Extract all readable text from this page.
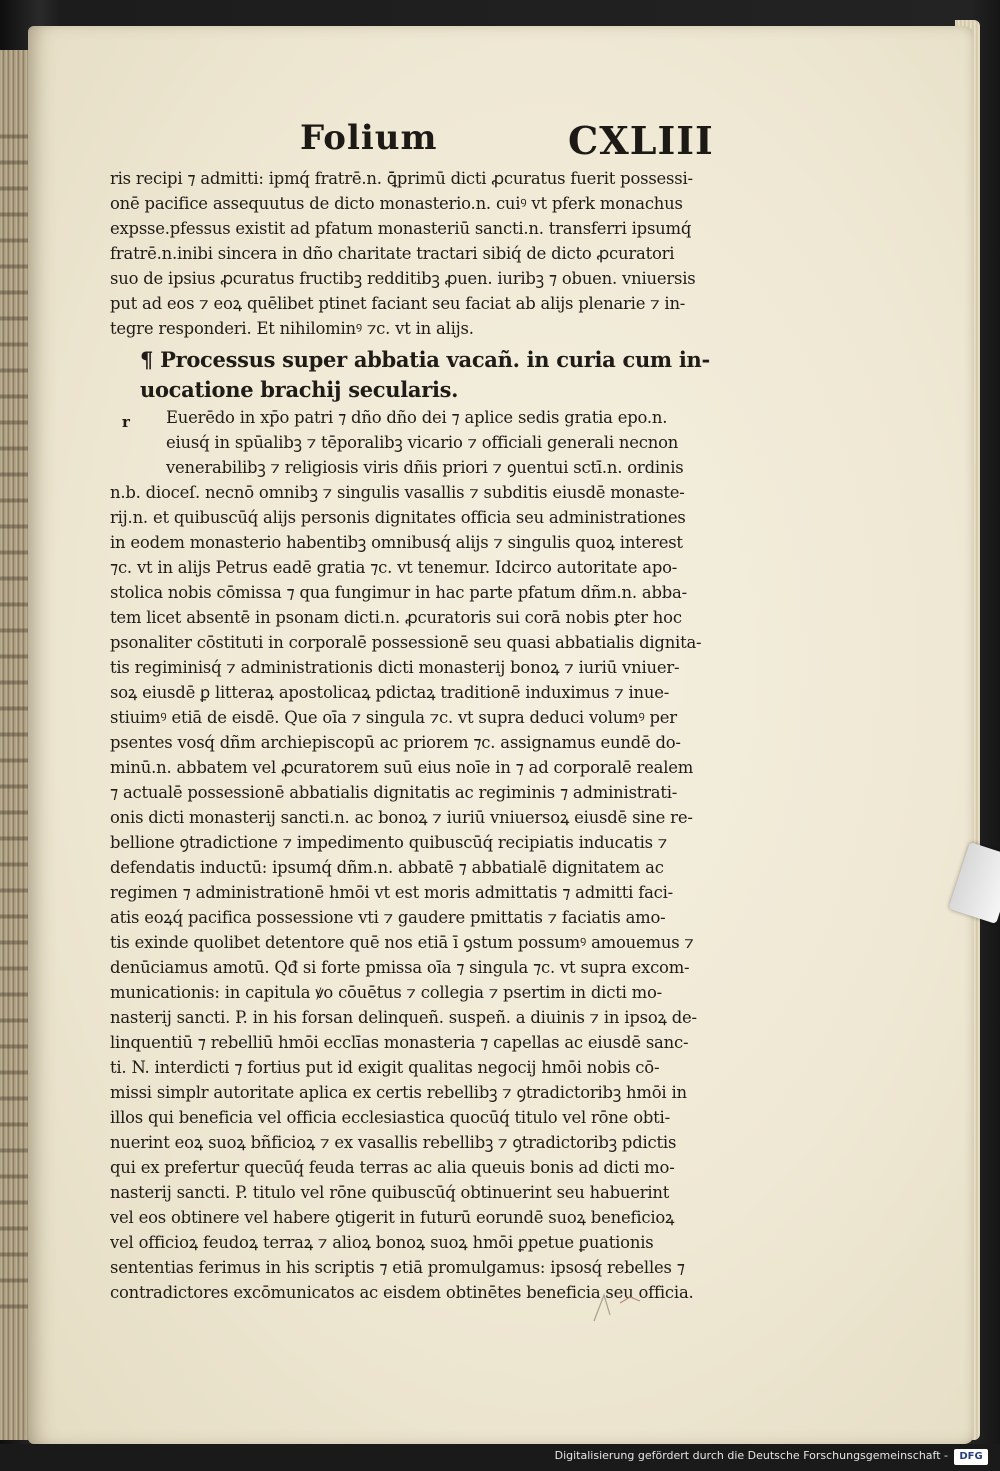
Folium	CXLIII
r
ris recipi ⁊ admitti: ipmq́ fratrē.n. ꝗ̄primū dicti ꝓcuratus fuerit possessi-
onē pacifice assequutus de dicto monasterio.n. cuiꝰ vt pferk monachus
expsse.pfessus existit ad pfatum monasteriū sancti.n. transferri ipsumq́
fratrē.n.inibi sincera in dño charitate tractari sibiq́ de dicto ꝓcuratori
suo de ipsius ꝓcuratus fructibꝫ redditibꝫ ꝓuen. iuribꝫ ⁊ obuen. vniuersis
put ad eos ⁊ eoꝝ quēlibet ptinet faciant seu faciat ab alijs plenarie ⁊ in-
tegre responderi. Et nihilominꝰ ⁊c. vt in alijs.
¶ Processus super abbatia vacañ. in curia cum in-
uocatione brachij secularis.
Euerēdo in xp̄o patri ⁊ dño dño dei ⁊ aplice sedis gratia epo.n.
eiusq́ in spūalibꝫ ⁊ tēporalibꝫ vicario ⁊ officiali generali necnon
venerabilibꝫ ⁊ religiosis viris dñis priori ⁊ ꝯuentui sctī.n. ordinis
n.b. dioceſ. necnō omnibꝫ ⁊ singulis vasallis ⁊ subditis eiusdē monaste-
rij.n. et quibuscūq́ alijs personis dignitates officia seu administrationes
in eodem monasterio habentibꝫ omnibusq́ alijs ⁊ singulis quoꝝ interest
⁊c. vt in alijs Petrus eadē gratia ⁊c. vt tenemur. Idcirco autoritate apo-
stolica nobis cōmissa ⁊ qua fungimur in hac parte pfatum dñm.n. abba-
tem licet absentē in psonam dicti.n. ꝓcuratoris sui corā nobis ꝑter hoc
psonaliter cōstituti in corporalē possessionē seu quasi abbatialis dignita-
tis regiminisq́ ⁊ administrationis dicti monasterij bonoꝝ ⁊ iuriū vniuer-
soꝝ eiusdē ꝑ litteraꝝ apostolicaꝝ pdictaꝝ traditionē induximus ⁊ inue-
stiuimꝰ etiā de eisdē. Que oīa ⁊ singula ⁊c. vt supra deduci volumꝰ per
psentes vosq́ dñm archiepiscopū ac priorem ⁊c. assignamus eundē do-
minū.n. abbatem vel ꝓcuratorem suū eius noīe in ⁊ ad corporalē realem
⁊ actualē possessionē abbatialis dignitatis ac regiminis ⁊ administrati-
onis dicti monasterij sancti.n. ac bonoꝝ ⁊ iuriū vniuersoꝝ eiusdē sine re-
bellione ꝯtradictione ⁊ impedimento quibuscūq́ recipiatis inducatis ⁊
defendatis inductū: ipsumq́ dñm.n. abbatē ⁊ abbatialē dignitatem ac
regimen ⁊ administrationē hmōi vt est moris admittatis ⁊ admitti faci-
atis eoꝝq́ pacifica possessione vti ⁊ gaudere pmittatis ⁊ faciatis amo-
tis exinde quolibet detentore quē nos etiā ī ꝯstum possumꝰ amouemus ⁊
denūciamus amotū. Qđ si forte pmissa oīa ⁊ singula ⁊c. vt supra excom-
municationis: in capitula ꝟo cōuētus ⁊ collegia ⁊ psertim in dicti mo-
nasterij sancti. P. in his forsan delinqueñ. suspeñ. a diuinis ⁊ in ipsoꝝ de-
linquentiū ⁊ rebelliū hmōi ecclīas monasteria ⁊ capellas ac eiusdē sanc-
ti. N. interdicti ⁊ fortius put id exigit qualitas negocij hmōi nobis cō-
missi simplr autoritate aplica ex certis rebellibꝫ ⁊ ꝯtradictoribꝫ hmōi in
illos qui beneficia vel officia ecclesiastica quocūq́ titulo vel rōne obti-
nuerint eoꝝ suoꝝ bñficioꝝ ⁊ ex vasallis rebellibꝫ ⁊ ꝯtradictoribꝫ pdictis
qui ex prefertur quecūq́ feuda terras ac alia queuis bonis ad dicti mo-
nasterij sancti. P. titulo vel rōne quibuscūq́ obtinuerint seu habuerint
vel eos obtinere vel habere ꝯtigerit in futurū eorundē suoꝝ beneficioꝝ
vel officioꝝ feudoꝝ terraꝝ ⁊ alioꝝ bonoꝝ suoꝝ hmōi ꝑpetue ꝑuationis
sententias ferimus in his scriptis ⁊ etiā promulgamus: ipsosq́ rebelles ⁊
contradictores excōmunicatos ac eisdem obtinētes beneficia seu officia.
Digitalisierung gefördert durch die Deutsche Forschungsgemeinschaft -	DFG
